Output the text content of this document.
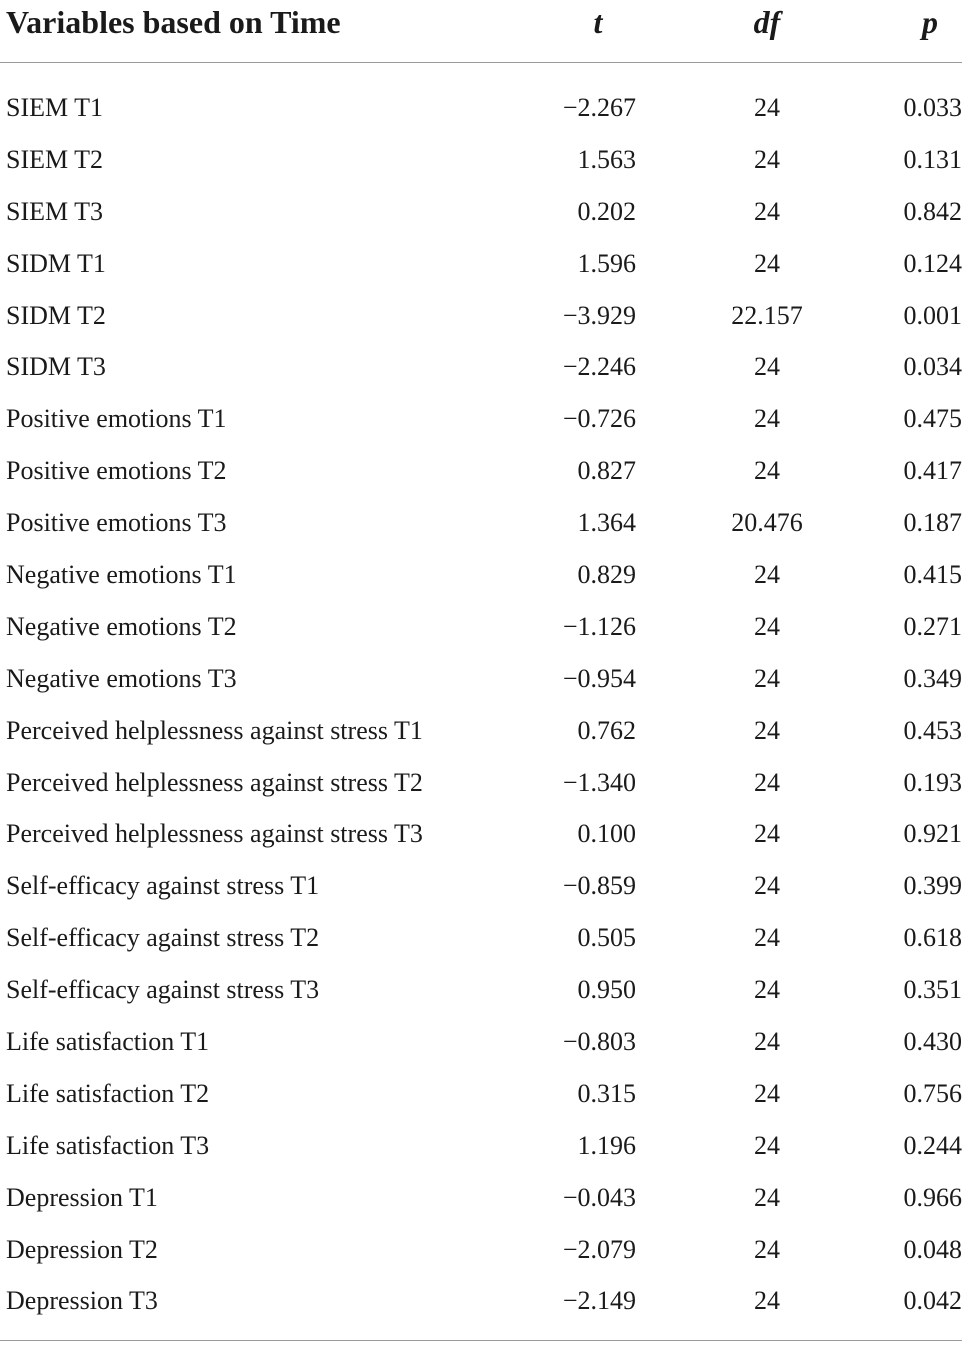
Variables based on Time	t	df	p
SIEM T1	−2.267	24	0.033
SIEM T2	1.563	24	0.131
SIEM T3	0.202	24	0.842
SIDM T1	1.596	24	0.124
SIDM T2	−3.929	22.157	0.001
SIDM T3	−2.246	24	0.034
Positive emotions T1	−0.726	24	0.475
Positive emotions T2	0.827	24	0.417
Positive emotions T3	1.364	20.476	0.187
Negative emotions T1	0.829	24	0.415
Negative emotions T2	−1.126	24	0.271
Negative emotions T3	−0.954	24	0.349
Perceived helplessness against stress T1	0.762	24	0.453
Perceived helplessness against stress T2	−1.340	24	0.193
Perceived helplessness against stress T3	0.100	24	0.921
Self-efficacy against stress T1	−0.859	24	0.399
Self-efficacy against stress T2	0.505	24	0.618
Self-efficacy against stress T3	0.950	24	0.351
Life satisfaction T1	−0.803	24	0.430
Life satisfaction T2	0.315	24	0.756
Life satisfaction T3	1.196	24	0.244
Depression T1	−0.043	24	0.966
Depression T2	−2.079	24	0.048
Depression T3	−2.149	24	0.042
